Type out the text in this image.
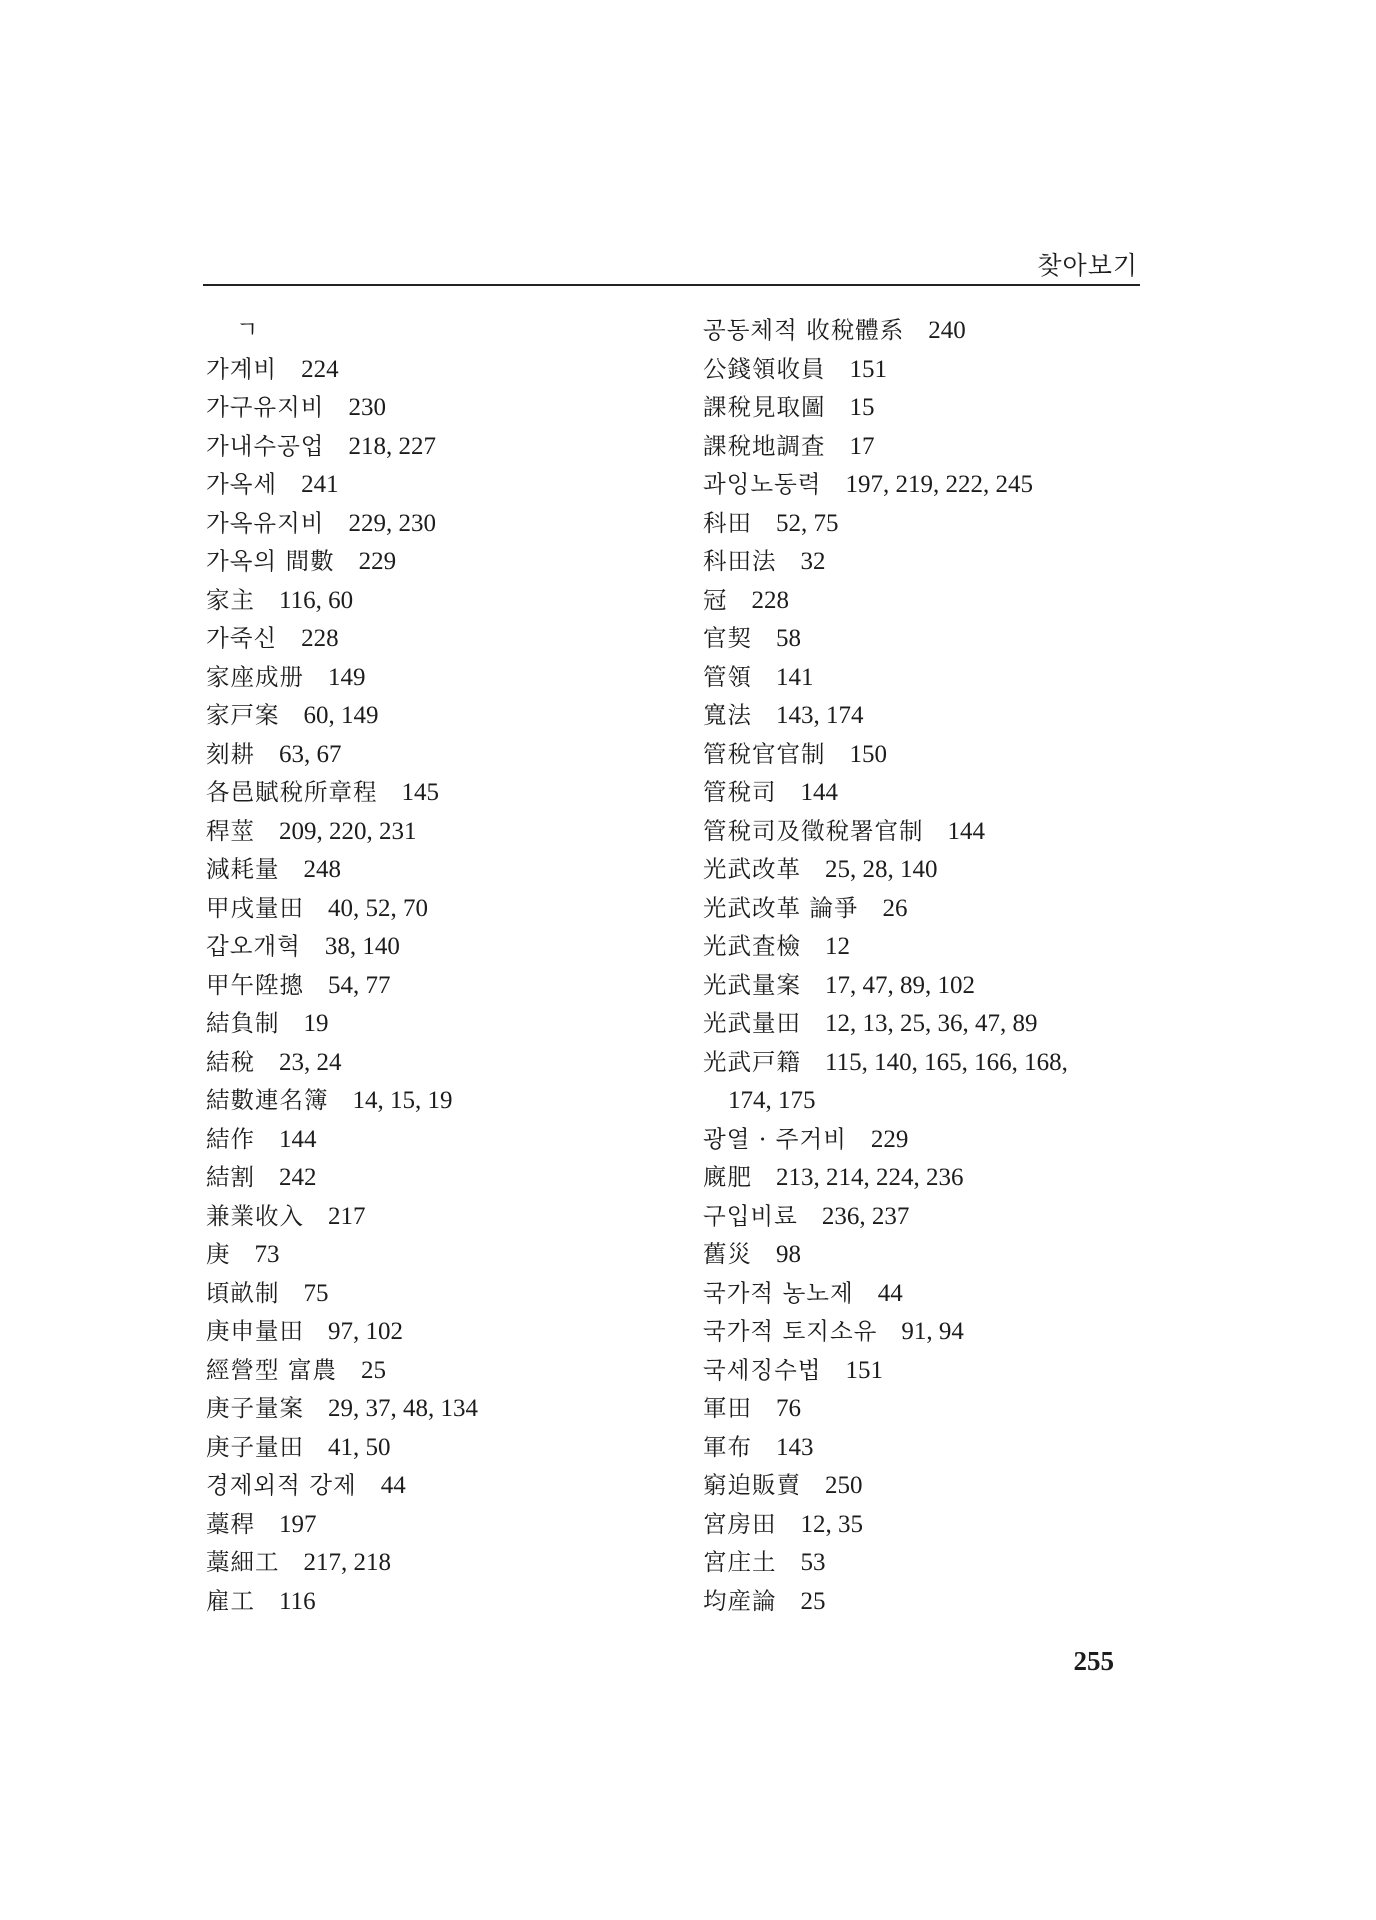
찾아보기
ㄱ
가계비 224
가구유지비 230
가내수공업 218, 227
가옥세 241
가옥유지비 229, 230
가옥의 間數 229
家主 116, 60
가죽신 228
家座成册 149
家戸案 60, 149
刻耕 63, 67
各邑賦稅所章程 145
稈莖 209, 220, 231
減耗量 248
甲戌量田 40, 52, 70
갑오개혁 38, 140
甲午陞摠 54, 77
結負制 19
結稅 23, 24
結數連名簿 14, 15, 19
結作 144
結割 242
兼業收入 217
庚 73
頃畝制 75
庚申量田 97, 102
經營型 富農 25
庚子量案 29, 37, 48, 134
庚子量田 41, 50
경제외적 강제 44
藁稈 197
藁細工 217, 218
雇工 116
공동체적 收稅體系 240
公錢領收員 151
課稅見取圖 15
課稅地調査 17
과잉노동력 197, 219, 222, 245
科田 52, 75
科田法 32
冠 228
官契 58
管領 141
寬法 143, 174
管稅官官制 150
管稅司 144
管稅司及徵稅署官制 144
光武改革 25, 28, 140
光武改革 論爭 26
光武査檢 12
光武量案 17, 47, 89, 102
光武量田 12, 13, 25, 36, 47, 89
光武戸籍 115, 140, 165, 166, 168,
174, 175
광열 · 주거비 229
廐肥 213, 214, 224, 236
구입비료 236, 237
舊災 98
국가적 농노제 44
국가적 토지소유 91, 94
국세징수법 151
軍田 76
軍布 143
窮迫販賣 250
宮房田 12, 35
宮庄土 53
均産論 25
255
